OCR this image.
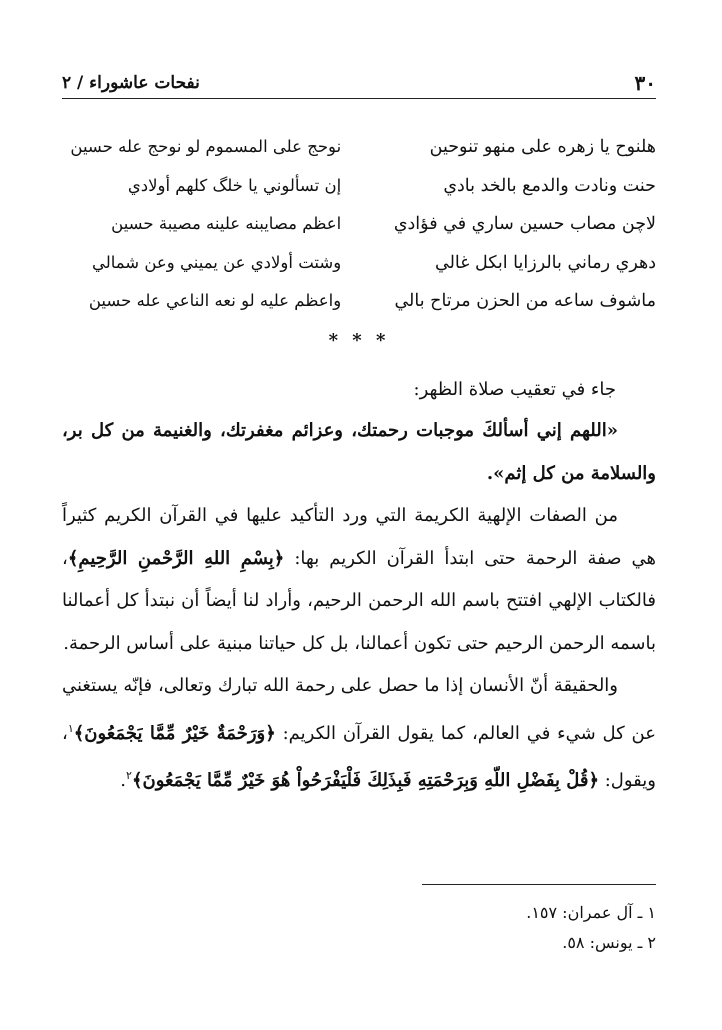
٣٠
نفحات عاشوراء / ٢
هلنوح يا زهره على منهو تنوحين
حنت ونادت والدمع بالخد بادي
لاچن مصاب حسين ساري في فؤادي
دهري رماني بالرزايا ابكل غالي
ماشوف ساعه من الحزن مرتاح بالي
نوحج على المسموم لو نوحج عله حسين
إن تسألوني يا خلگ كلهم أولادي
اعظم مصايبنه علينه مصيبة حسين
وشتت أولادي عن يميني وعن شمالي
واعظم عليه لو نعه الناعي عله حسين
* * *
جاء في تعقيب صلاة الظهر:

«اللهم إني أسألكَ موجبات رحمتك، وعزائم مغفرتك، والغنيمة من كل بر، والسلامة من كل إثم».

من الصفات الإلهية الكريمة التي ورد التأكيد عليها في القرآن الكريم كثيراً هي صفة الرحمة حتى ابتدأ القرآن الكريم بها: ﴿بِسْمِ اللهِ الرَّحْمنِ الرَّحِيمِ﴾، فالكتاب الإلهي افتتح باسم الله الرحمن الرحيم، وأراد لنا أيضاً أن نبتدأ كل أعمالنا باسمه الرحمن الرحيم حتى تكون أعمالنا، بل كل حياتنا مبنية على أساس الرحمة.

والحقيقة أنّ الأنسان إذا ما حصل على رحمة الله تبارك وتعالى، فإنّه يستغني عن كل شيء في العالم، كما يقول القرآن الكريم: ﴿وَرَحْمَةٌ خَيْرٌ مِّمَّا يَجْمَعُونَ﴾$^١$، ويقول: ﴿قُلْ بِفَضْلِ اللّهِ وَبِرَحْمَتِهِ فَبِذَلِكَ فَلْيَفْرَحُواْ هُوَ خَيْرٌ مِّمَّا يَجْمَعُونَ﴾$^٢$.

١ ـ آل عمران: ١٥٧.
٢ ـ يونس: ٥٨.
